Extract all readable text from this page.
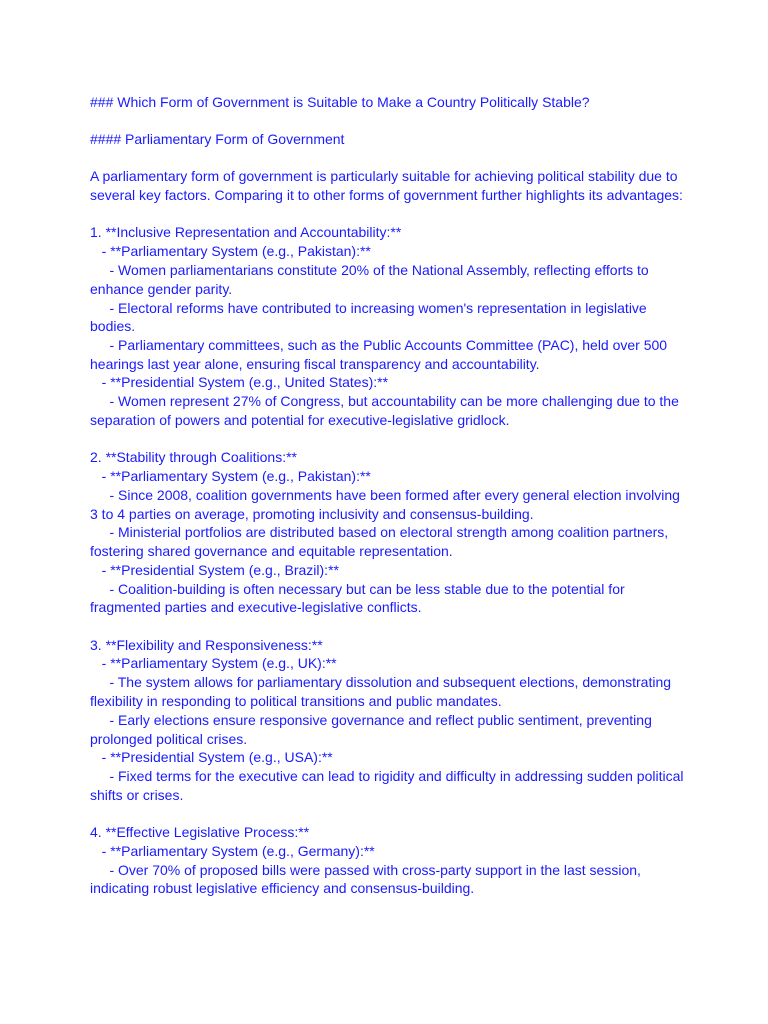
### Which Form of Government is Suitable to Make a Country Politically Stable?
#### Parliamentary Form of Government
A parliamentary form of government is particularly suitable for achieving political stability due to
several key factors. Comparing it to other forms of government further highlights its advantages:
1. **Inclusive Representation and Accountability:**
- **Parliamentary System (e.g., Pakistan):**
- Women parliamentarians constitute 20% of the National Assembly, reflecting efforts to
enhance gender parity.
- Electoral reforms have contributed to increasing women's representation in legislative
bodies.
- Parliamentary committees, such as the Public Accounts Committee (PAC), held over 500
hearings last year alone, ensuring fiscal transparency and accountability.
- **Presidential System (e.g., United States):**
- Women represent 27% of Congress, but accountability can be more challenging due to the
separation of powers and potential for executive-legislative gridlock.
2. **Stability through Coalitions:**
- **Parliamentary System (e.g., Pakistan):**
- Since 2008, coalition governments have been formed after every general election involving
3 to 4 parties on average, promoting inclusivity and consensus-building.
- Ministerial portfolios are distributed based on electoral strength among coalition partners,
fostering shared governance and equitable representation.
- **Presidential System (e.g., Brazil):**
- Coalition-building is often necessary but can be less stable due to the potential for
fragmented parties and executive-legislative conflicts.
3. **Flexibility and Responsiveness:**
- **Parliamentary System (e.g., UK):**
- The system allows for parliamentary dissolution and subsequent elections, demonstrating
flexibility in responding to political transitions and public mandates.
- Early elections ensure responsive governance and reflect public sentiment, preventing
prolonged political crises.
- **Presidential System (e.g., USA):**
- Fixed terms for the executive can lead to rigidity and difficulty in addressing sudden political
shifts or crises.
4. **Effective Legislative Process:**
- **Parliamentary System (e.g., Germany):**
- Over 70% of proposed bills were passed with cross-party support in the last session,
indicating robust legislative efficiency and consensus-building.
